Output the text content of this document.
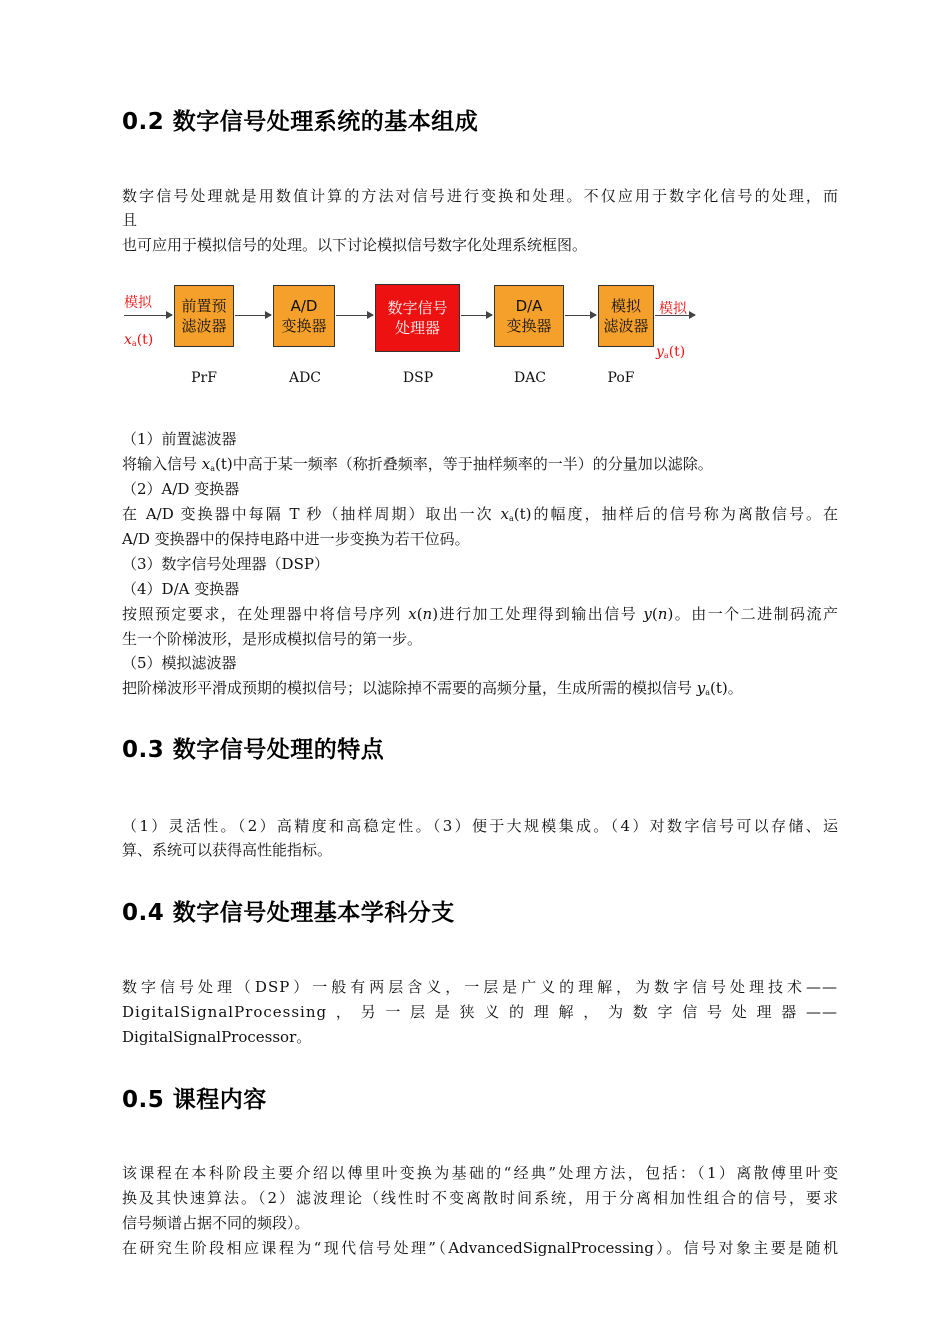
0.2 数字信号处理系统的基本组成

数字信号处理就是用数值计算的方法对信号进行变换和处理。不仅应用于数字化信号的处理，而

且

也可应用于模拟信号的处理。以下讨论模拟信号数字化处理系统框图。

模拟
$x_a(t)$
前置预
滤波器
A/D
变换器
数字信号
处理器
D/A
变换器
模拟
滤波器
模拟
$y_a(t)$
PrF	ADC	DSP	DAC	PoF

（1）前置滤波器

将输入信号 $x_a(t)$中高于某一频率（称折叠频率，等于抽样频率的一半）的分量加以滤除。

（2）A/D 变换器

在 A/D 变换器中每隔 T 秒（抽样周期）取出一次 $x_a(t)$的幅度，抽样后的信号称为离散信号。在

A/D 变换器中的保持电路中进一步变换为若干位码。

（3）数字信号处理器（DSP）

（4）D/A 变换器

按照预定要求，在处理器中将信号序列 x(n)进行加工处理得到输出信号 y(n)。由一个二进制码流产

生一个阶梯波形，是形成模拟信号的第一步。

（5）模拟滤波器

把阶梯波形平滑成预期的模拟信号；以滤除掉不需要的高频分量，生成所需的模拟信号 $y_a(t)$。

0.3 数字信号处理的特点

（1）灵活性。（2）高精度和高稳定性。（3）便于大规模集成。（4）对数字信号可以存储、运

算、系统可以获得高性能指标。

0.4 数字信号处理基本学科分支

数字信号处理（DSP）一般有两层含义，一层是广义的理解，为数字信号处理技术——

DigitalSignalProcessing，另一层是狭义的理解，为数字信号处理器——

DigitalSignalProcessor。

0.5 课程内容

该课程在本科阶段主要介绍以傅里叶变换为基础的“经典”处理方法，包括：（1）离散傅里叶变

换及其快速算法。（2）滤波理论（线性时不变离散时间系统，用于分离相加性组合的信号，要求

信号频谱占据不同的频段）。

在研究生阶段相应课程为“现代信号处理”（AdvancedSignalProcessing）。信号对象主要是随机
